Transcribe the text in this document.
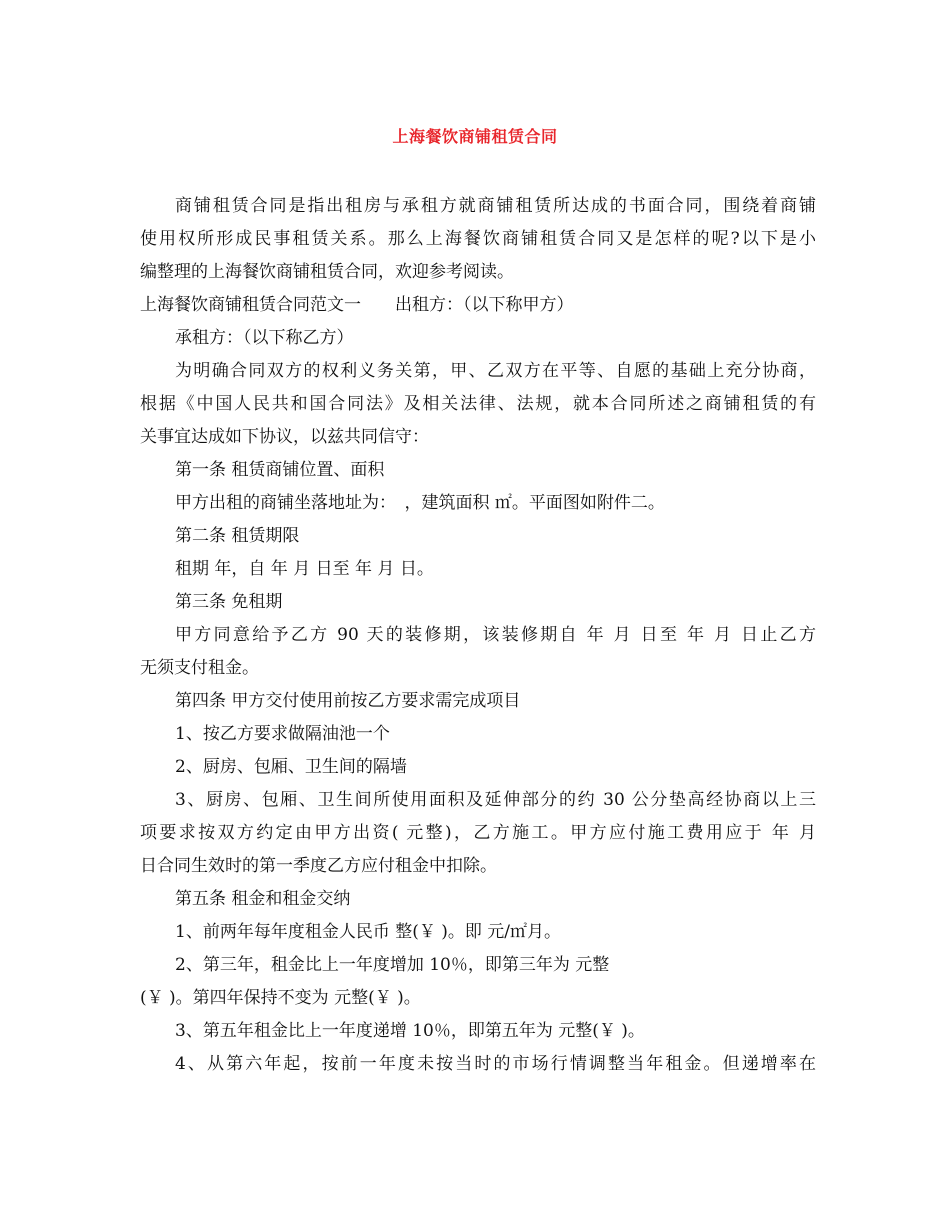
上海餐饮商铺租赁合同
商铺租赁合同是指出租房与承租方就商铺租赁所达成的书面合同，围绕着商铺
使用权所形成民事租赁关系。那么上海餐饮商铺租赁合同又是怎样的呢?以下是小
编整理的上海餐饮商铺租赁合同，欢迎参考阅读。
上海餐饮商铺租赁合同范文一　　出租方：（以下称甲方）
承租方：（以下称乙方）
为明确合同双方的权利义务关第，甲、乙双方在平等、自愿的基础上充分协商，
根据《中国人民共和国合同法》及相关法律、法规，就本合同所述之商铺租赁的有
关事宜达成如下协议，以兹共同信守：
第一条 租赁商铺位置、面积
甲方出租的商铺坐落地址为：　，建筑面积 ㎡。平面图如附件二。
第二条 租赁期限
租期 年，自 年 月 日至 年 月 日。
第三条 免租期
甲方同意给予乙方 90 天的装修期，该装修期自 年 月 日至 年 月 日止乙方
无须支付租金。
第四条 甲方交付使用前按乙方要求需完成项目
1、按乙方要求做隔油池一个
2、厨房、包厢、卫生间的隔墙
3、厨房、包厢、卫生间所使用面积及延伸部分的约 30 公分垫高经协商以上三
项要求按双方约定由甲方出资( 元整)，乙方施工。甲方应付施工费用应于 年 月
日合同生效时的第一季度乙方应付租金中扣除。
第五条 租金和租金交纳
1、前两年每年度租金人民币 整(￥ )。即 元/㎡月。
2、第三年，租金比上一年度增加 10％，即第三年为 元整
(￥ )。第四年保持不变为 元整(￥ )。
3、第五年租金比上一年度递增 10％，即第五年为 元整(￥ )。
4、从第六年起，按前一年度未按当时的市场行情调整当年租金。但递增率在
